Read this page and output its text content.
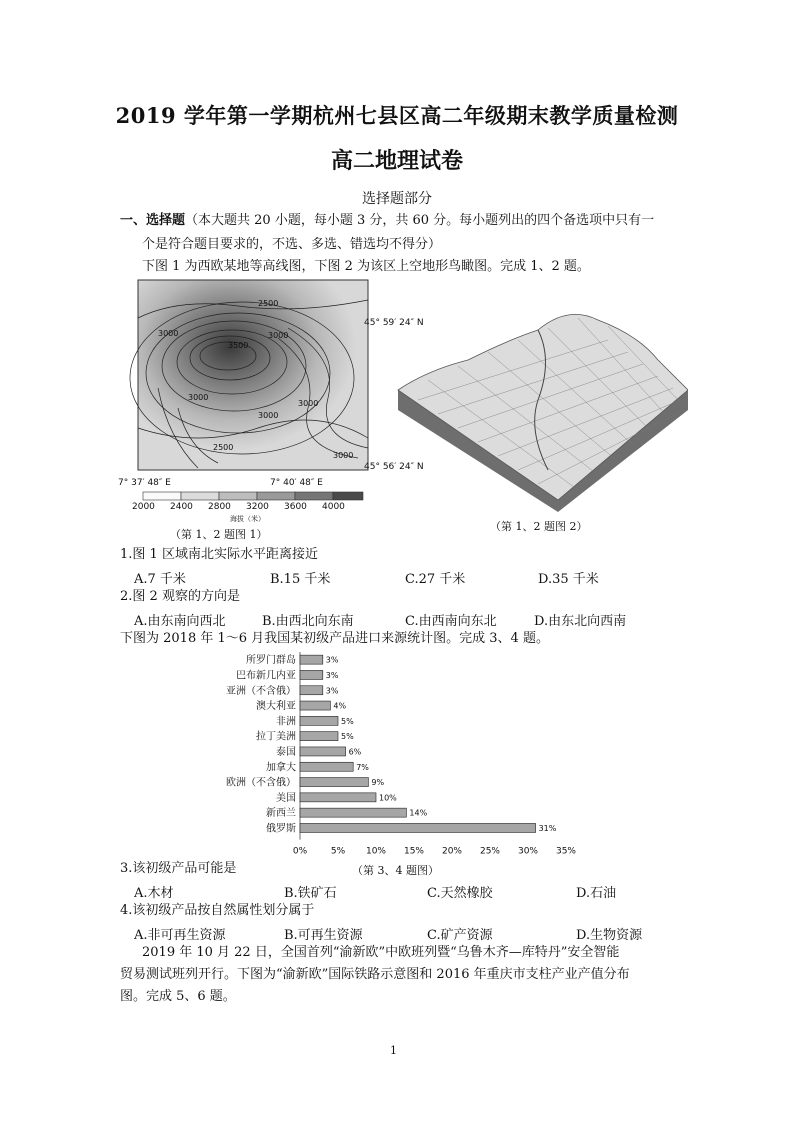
2019 学年第一学期杭州七县区高二年级期末教学质量检测
高二地理试卷
选择题部分
一、选择题（本大题共 20 小题，每小题 3 分，共 60 分。每小题列出的四个备选项中只有一
个是符合题目要求的，不选、多选、错选均不得分）
下图 1 为西欧某地等高线图，下图 2 为该区上空地形鸟瞰图。完成 1、2 题。
2500
3000
3500
3000
3000
2500
3000
3000
3000
7° 37′ 48″ E	7° 40′ 48″ E
45° 59′ 24″ N
45° 56′ 24″ N
2000 2400 2800 3200 3600 4000
海拔（米）
（第 1、2 题图 1）
（第 1、2 题图 2）
1.图 1 区域南北实际水平距离接近
A.7 千米	B.15 千米	C.27 千米	D.35 千米
2.图 2 观察的方向是
A.由东南向西北	B.由西北向东南	C.由西南向东北	D.由东北向西南
下图为 2018 年 1～6 月我国某初级产品进口来源统计图。完成 3、4 题。
所罗门群岛	3%
巴布新几内亚	3%
亚洲（不含俄）	3%
澳大利亚	4%
非洲	5%
拉丁美洲	5%
泰国	6%
加拿大	7%
欧洲（不含俄）	9%
美国	10%
新西兰	14%
俄罗斯	31%
0%	5% 10% 15% 20% 25% 30% 35%
（第 3、4 题图）
3.该初级产品可能是
A.木材	B.铁矿石	C.天然橡胶	D.石油
4.该初级产品按自然属性划分属于
A.非可再生资源	B.可再生资源	C.矿产资源	D.生物资源
2019 年 10 月 22 日，全国首列“渝新欧”中欧班列暨“乌鲁木齐—库特丹”安全智能
贸易测试班列开行。下图为“渝新欧”国际铁路示意图和 2016 年重庆市支柱产业产值分布
图。完成 5、6 题。
1
